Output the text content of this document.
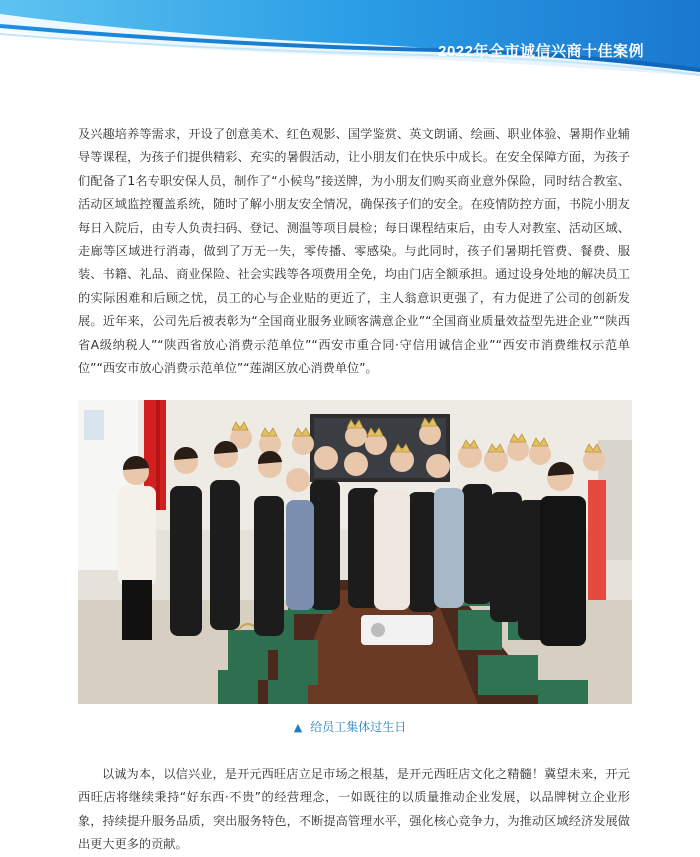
2022年全市诚信兴商十佳案例

及兴趣培养等需求，开设了创意美术、红色观影、国学鉴赏、英文朗诵、绘画、职业体验、暑期作业辅导等课程，为孩子们提供精彩、充实的暑假活动，让小朋友们在快乐中成长。在安全保障方面，为孩子们配备了1名专职安保人员，制作了“小候鸟”接送牌，为小朋友们购买商业意外保险，同时结合教室、活动区域监控覆盖系统，随时了解小朋友安全情况，确保孩子们的安全。在疫情防控方面，书院小朋友每日入院后，由专人负责扫码、登记、测温等项目晨检；每日课程结束后，由专人对教室、活动区域、走廊等区域进行消毒，做到了万无一失，零传播、零感染。与此同时，孩子们暑期托管费、餐费、服装、书籍、礼品、商业保险、社会实践等各项费用全免，均由门店全额承担。通过设身处地的解决员工的实际困难和后顾之忧，员工的心与企业贴的更近了，主人翁意识更强了，有力促进了公司的创新发展。近年来，公司先后被表彰为“全国商业服务业顾客满意企业”“全国商业质量效益型先进企业”“陕西省A级纳税人”“陕西省放心消费示范单位”“西安市重合同·守信用诚信企业”“西安市消费维权示范单位”“西安市放心消费示范单位”“莲湖区放心消费单位”。

▲ 给员工集体过生日

以诚为本，以信兴业，是开元西旺店立足市场之根基，是开元西旺店文化之精髓！冀望未来，开元西旺店将继续秉持“好东西·不贵”的经营理念，一如既往的以质量推动企业发展，以品牌树立企业形象，持续提升服务品质，突出服务特色，不断提高管理水平，强化核心竞争力，为推动区域经济发展做出更大更多的贡献。
